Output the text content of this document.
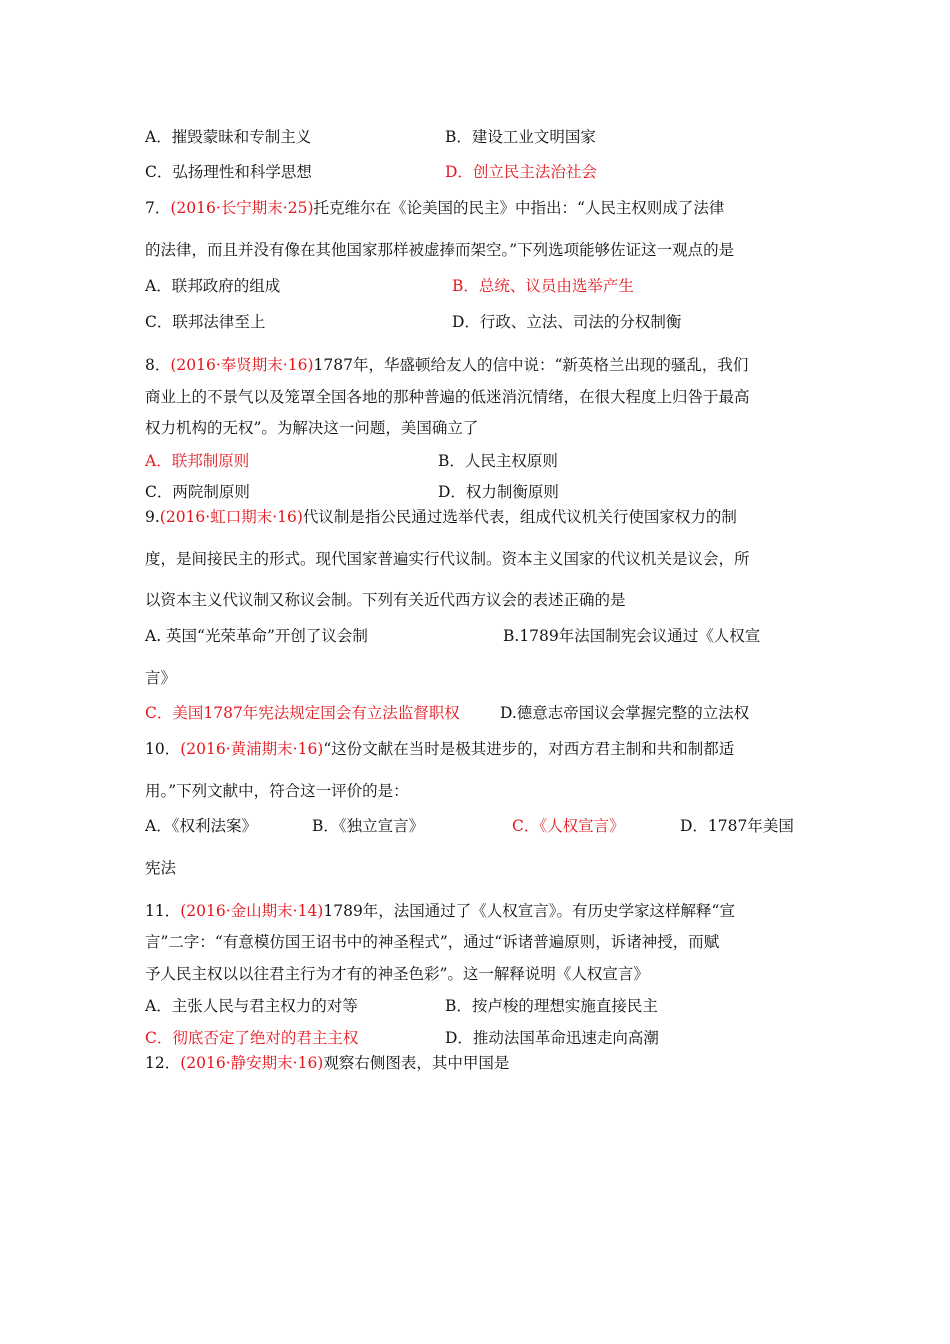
A．摧毁蒙昧和专制主义	B．建设工业文明国家
C．弘扬理性和科学思想	D．创立民主法治社会
7．(2016·长宁期末·25)托克维尔在《论美国的民主》中指出：“人民主权则成了法律
的法律，而且并没有像在其他国家那样被虚捧而架空。”下列选项能够佐证这一观点的是
A．联邦政府的组成	B．总统、议员由选举产生
C．联邦法律至上	D．行政、立法、司法的分权制衡
8．(2016·奉贤期末·16)1787年，华盛顿给友人的信中说：“新英格兰出现的骚乱，我们
商业上的不景气以及笼罩全国各地的那种普遍的低迷消沉情绪，在很大程度上归咎于最高
权力机构的无权”。为解决这一问题，美国确立了
A．联邦制原则	B．人民主权原则
C．两院制原则	D．权力制衡原则
9.(2016·虹口期末·16)代议制是指公民通过选举代表，组成代议机关行使国家权力的制
度，是间接民主的形式。现代国家普遍实行代议制。资本主义国家的代议机关是议会，所
以资本主义代议制又称议会制。下列有关近代西方议会的表述正确的是
A. 英国“光荣革命”开创了议会制	B.1789年法国制宪会议通过《人权宣
言》
C．美国1787年宪法规定国会有立法监督职权	D.德意志帝国议会掌握完整的立法权
10．(2016·黄浦期末·16)“这份文献在当时是极其进步的，对西方君主制和共和制都适
用。”下列文献中，符合这一评价的是：
A．《权利法案》	B．《独立宣言》	C．《人权宣言》	D．1787年美国
宪法
11．(2016·金山期末·14)1789年，法国通过了《人权宣言》。有历史学家这样解释“宣
言”二字：“有意模仿国王诏书中的神圣程式”，通过“诉诸普遍原则，诉诸神授，而赋
予人民主权以以往君主行为才有的神圣色彩”。这一解释说明《人权宣言》
A．主张人民与君主权力的对等	B．按卢梭的理想实施直接民主
C．彻底否定了绝对的君主主权	D．推动法国革命迅速走向高潮
12．(2016·静安期末·16)观察右侧图表，其中甲国是
